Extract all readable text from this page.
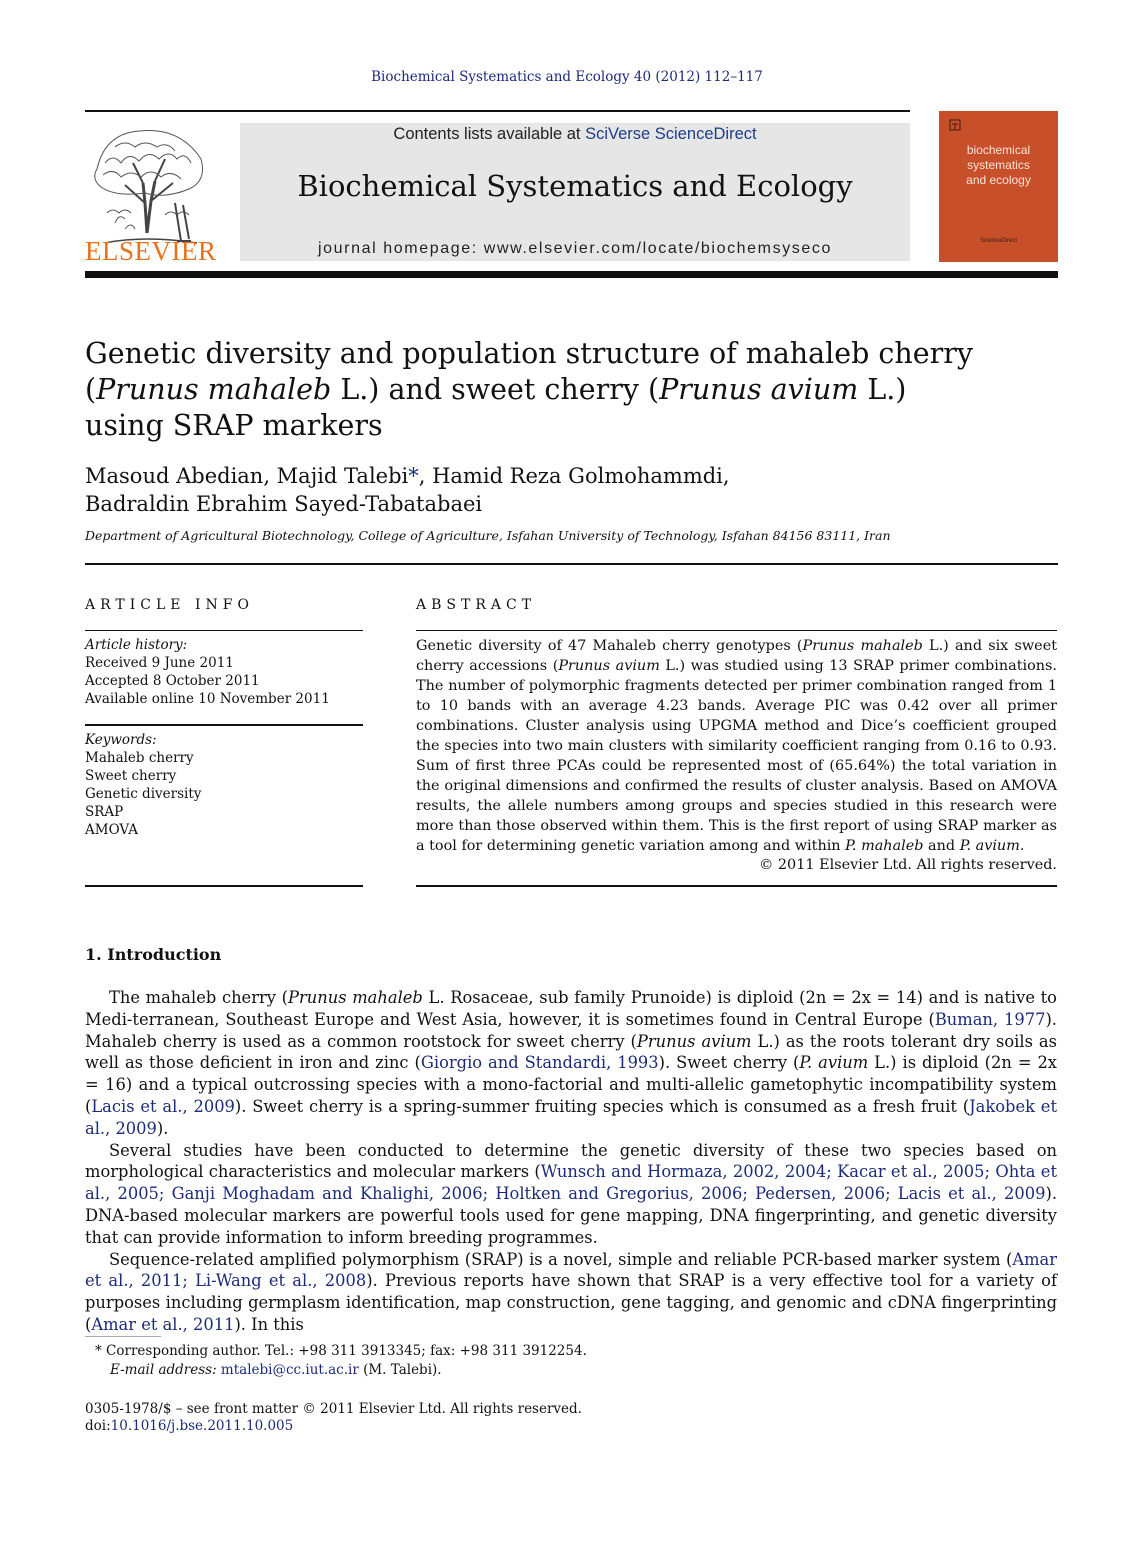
Biochemical Systematics and Ecology 40 (2012) 112–117
ELSEVIER
Contents lists available at SciVerse ScienceDirect
Biochemical Systematics and Ecology
journal homepage: www.elsevier.com/locate/biochemsyseco
biochemical
systematics
and ecology
ScienceDirect
Genetic diversity and population structure of mahaleb cherry
(Prunus mahaleb L.) and sweet cherry (Prunus avium L.)
using SRAP markers
Masoud Abedian, Majid Talebi*, Hamid Reza Golmohammdi,
Badraldin Ebrahim Sayed-Tabatabaei
Department of Agricultural Biotechnology, College of Agriculture, Isfahan University of Technology, Isfahan 84156 83111, Iran
ARTICLE INFO	ABSTRACT
Article history:
Received 9 June 2011
Accepted 8 October 2011
Available online 10 November 2011
Keywords:
Mahaleb cherry
Sweet cherry
Genetic diversity
SRAP
AMOVA
Genetic diversity of 47 Mahaleb cherry genotypes (Prunus mahaleb L.) and six sweet cherry accessions (Prunus avium L.) was studied using 13 SRAP primer combinations. The number of polymorphic fragments detected per primer combination ranged from 1 to 10 bands with an average 4.23 bands. Average PIC was 0.42 over all primer combinations. Cluster analysis using UPGMA method and Dice’s coefficient grouped the species into two main clusters with similarity coefficient ranging from 0.16 to 0.93. Sum of first three PCAs could be represented most of (65.64%) the total variation in the original dimensions and confirmed the results of cluster analysis. Based on AMOVA results, the allele numbers among groups and species studied in this research were more than those observed within them. This is the first report of using SRAP marker as a tool for determining genetic variation among and within P. mahaleb and P. avium.
© 2011 Elsevier Ltd. All rights reserved.
1. Introduction

The mahaleb cherry (Prunus mahaleb L. Rosaceae, sub family Prunoide) is diploid (2n = 2x = 14) and is native to Medi-terranean, Southeast Europe and West Asia, however, it is sometimes found in Central Europe (Buman, 1977). Mahaleb cherry is used as a common rootstock for sweet cherry (Prunus avium L.) as the roots tolerant dry soils as well as those deficient in iron and zinc (Giorgio and Standardi, 1993). Sweet cherry (P. avium L.) is diploid (2n = 2x = 16) and a typical outcrossing species with a mono-factorial and multi-allelic gametophytic incompatibility system (Lacis et al., 2009). Sweet cherry is a spring-summer fruiting species which is consumed as a fresh fruit (Jakobek et al., 2009).

Several studies have been conducted to determine the genetic diversity of these two species based on morphological characteristics and molecular markers (Wunsch and Hormaza, 2002, 2004; Kacar et al., 2005; Ohta et al., 2005; Ganji Moghadam and Khalighi, 2006; Holtken and Gregorius, 2006; Pedersen, 2006; Lacis et al., 2009). DNA-based molecular markers are powerful tools used for gene mapping, DNA fingerprinting, and genetic diversity that can provide information to inform breeding programmes.

Sequence-related amplified polymorphism (SRAP) is a novel, simple and reliable PCR-based marker system (Amar et al., 2011; Li-Wang et al., 2008). Previous reports have shown that SRAP is a very effective tool for a variety of purposes including germplasm identification, map construction, gene tagging, and genomic and cDNA fingerprinting (Amar et al., 2011). In this

* Corresponding author. Tel.: +98 311 3913345; fax: +98 311 3912254.
E-mail address: mtalebi@cc.iut.ac.ir (M. Talebi).
0305-1978/$ – see front matter © 2011 Elsevier Ltd. All rights reserved.
doi:10.1016/j.bse.2011.10.005
